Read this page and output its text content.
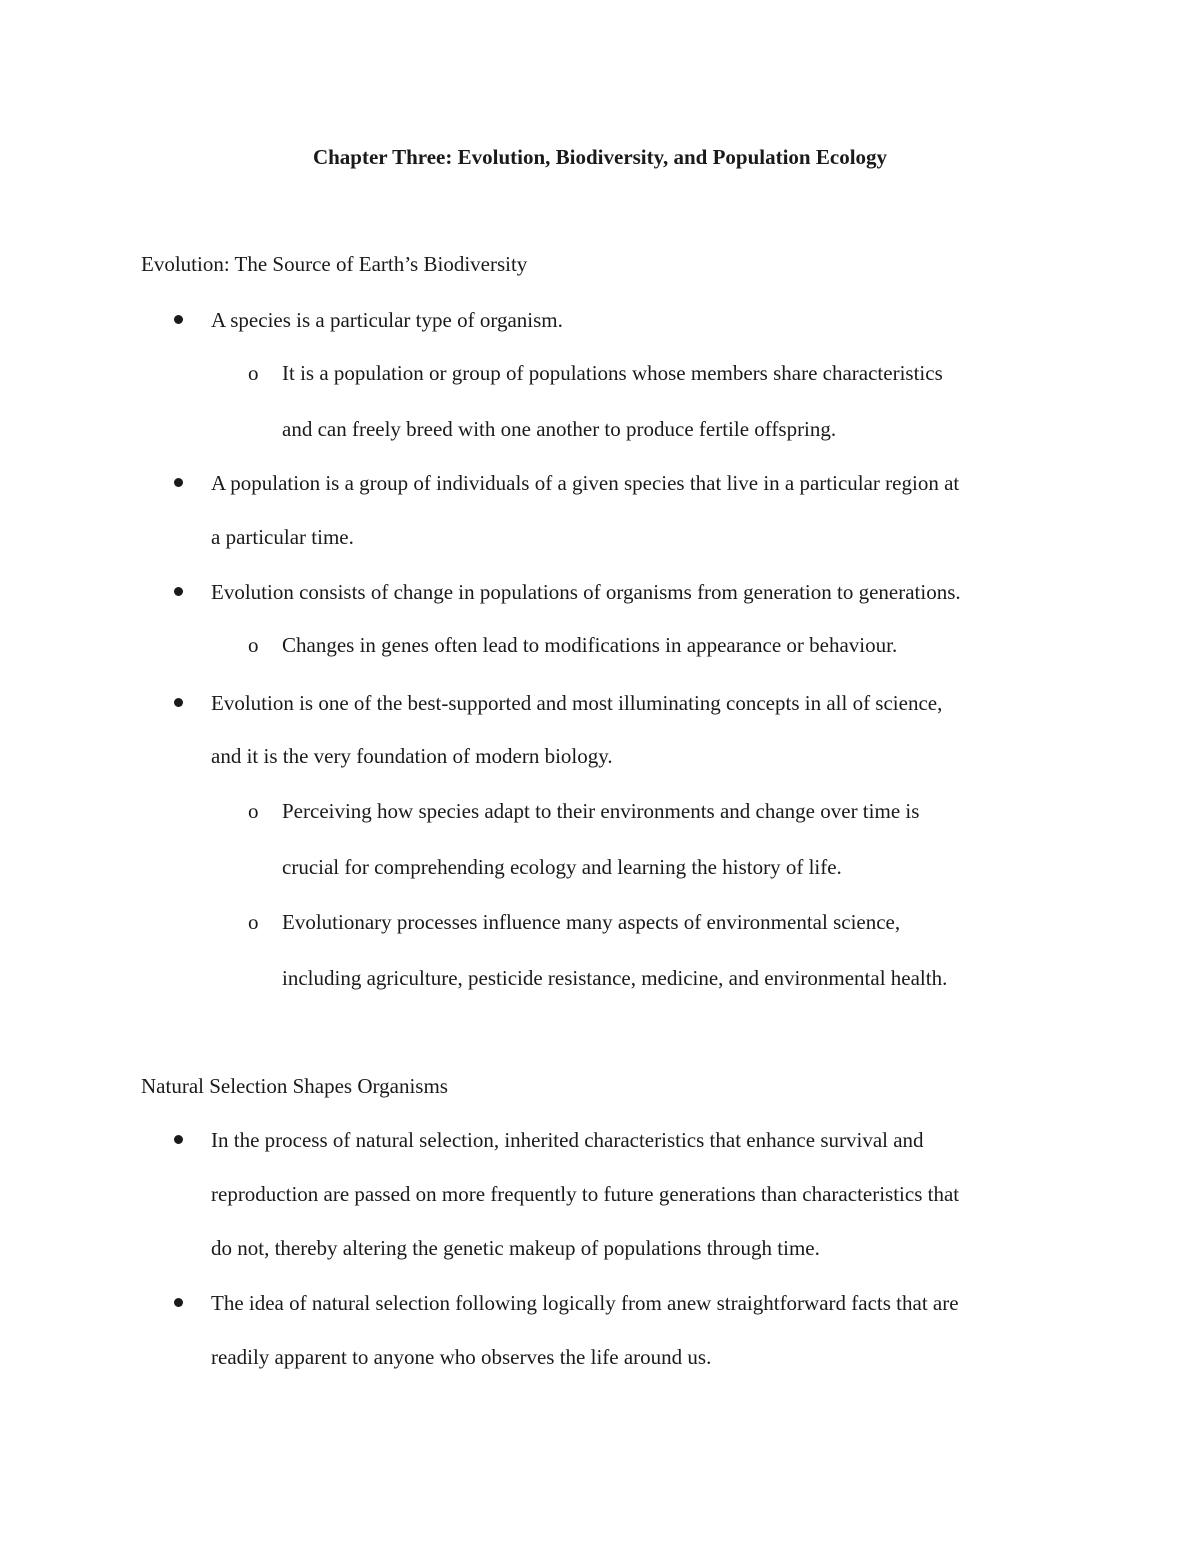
Chapter Three: Evolution, Biodiversity, and Population Ecology
Evolution: The Source of Earth’s Biodiversity
A species is a particular type of organism.
o It is a population or group of populations whose members share characteristics
and can freely breed with one another to produce fertile offspring.
A population is a group of individuals of a given species that live in a particular region at
a particular time.
Evolution consists of change in populations of organisms from generation to generations.
o Changes in genes often lead to modifications in appearance or behaviour.
Evolution is one of the best-supported and most illuminating concepts in all of science,
and it is the very foundation of modern biology.
o Perceiving how species adapt to their environments and change over time is
crucial for comprehending ecology and learning the history of life.
o Evolutionary processes influence many aspects of environmental science,
including agriculture, pesticide resistance, medicine, and environmental health.
Natural Selection Shapes Organisms
In the process of natural selection, inherited characteristics that enhance survival and
reproduction are passed on more frequently to future generations than characteristics that
do not, thereby altering the genetic makeup of populations through time.
The idea of natural selection following logically from anew straightforward facts that are
readily apparent to anyone who observes the life around us.
